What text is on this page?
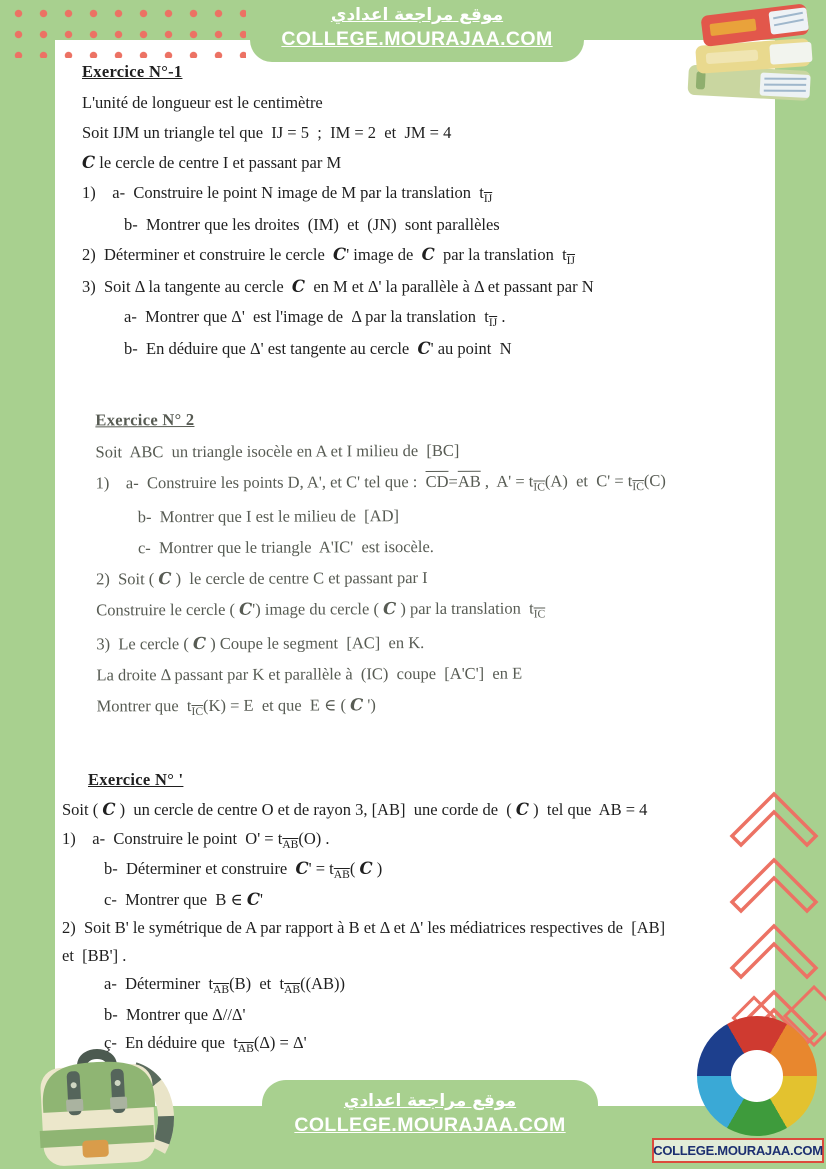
موقع مراجعة اعدادي
COLLEGE.MOURAJAA.COM
Exercice N°-1
L'unité de longueur est le centimètre
Soit IJM un triangle tel que  IJ = 5  ;  IM = 2  et  JM = 4
C le cercle de centre I et passant par M
1)    a-  Construire le point N image de M par la translation  $t_{\overline{IJ}}$
b-  Montrer que les droites  (IM)  et  (JN)  sont parallèles
2)  Déterminer et construire le cercle  C' image de  C  par la translation  $t_{\overline{IJ}}$
3)  Soit Δ la tangente au cercle  C  en M et Δ' la parallèle à Δ et passant par N
a-  Montrer que Δ'  est l'image de  Δ par la translation  $t_{\overline{IJ}}$ .
b-  En déduire que Δ' est tangente au cercle  C' au point  N
Exercice N° 2
Soit  ABC  un triangle isocèle en A et I milieu de  [BC]
1)    a-  Construire les points D, A', et C' tel que :  $\overline{CD}=\overline{AB}$ ,  $A' = t_{\overline{IC}}(A)$  et  $C' = t_{\overline{IC}}(C)$
b-  Montrer que I est le milieu de  [AD]
c-  Montrer que le triangle  A'IC'  est isocèle.
2)  Soit ( C )  le cercle de centre C et passant par I
Construire le cercle ( C') image du cercle ( C ) par la translation  $t_{\overline{IC}}$
3)  Le cercle ( C ) Coupe le segment  [AC]  en K.
La droite Δ passant par K et parallèle à  (IC)  coupe  [A'C']  en E
Montrer que  $t_{\overline{IC}}(K) = E$  et que  E ∈ ( C ')
Exercice N° '
Soit ( C )  un cercle de centre O et de rayon 3, [AB]  une corde de  ( C )  tel que  AB = 4
1)    a-  Construire le point  $O' = t_{\overline{AB}}(O)$ .
b-  Déterminer et construire  $C' = t_{\overline{AB}}$( C )
c-  Montrer que  B ∈ C'
2)  Soit B' le symétrique de A par rapport à B et Δ et Δ' les médiatrices respectives de  [AB]
et  [BB'] .
a-  Déterminer  $t_{\overline{AB}}(B)$  et  $t_{\overline{AB}}((AB))$
b-  Montrer que Δ//Δ'
ç-  En déduire que  $t_{\overline{AB}}(\Delta) = \Delta'$
موقع مراجعة اعدادي
COLLEGE.MOURAJAA.COM
COLLEGE.MOURAJAA.COM
